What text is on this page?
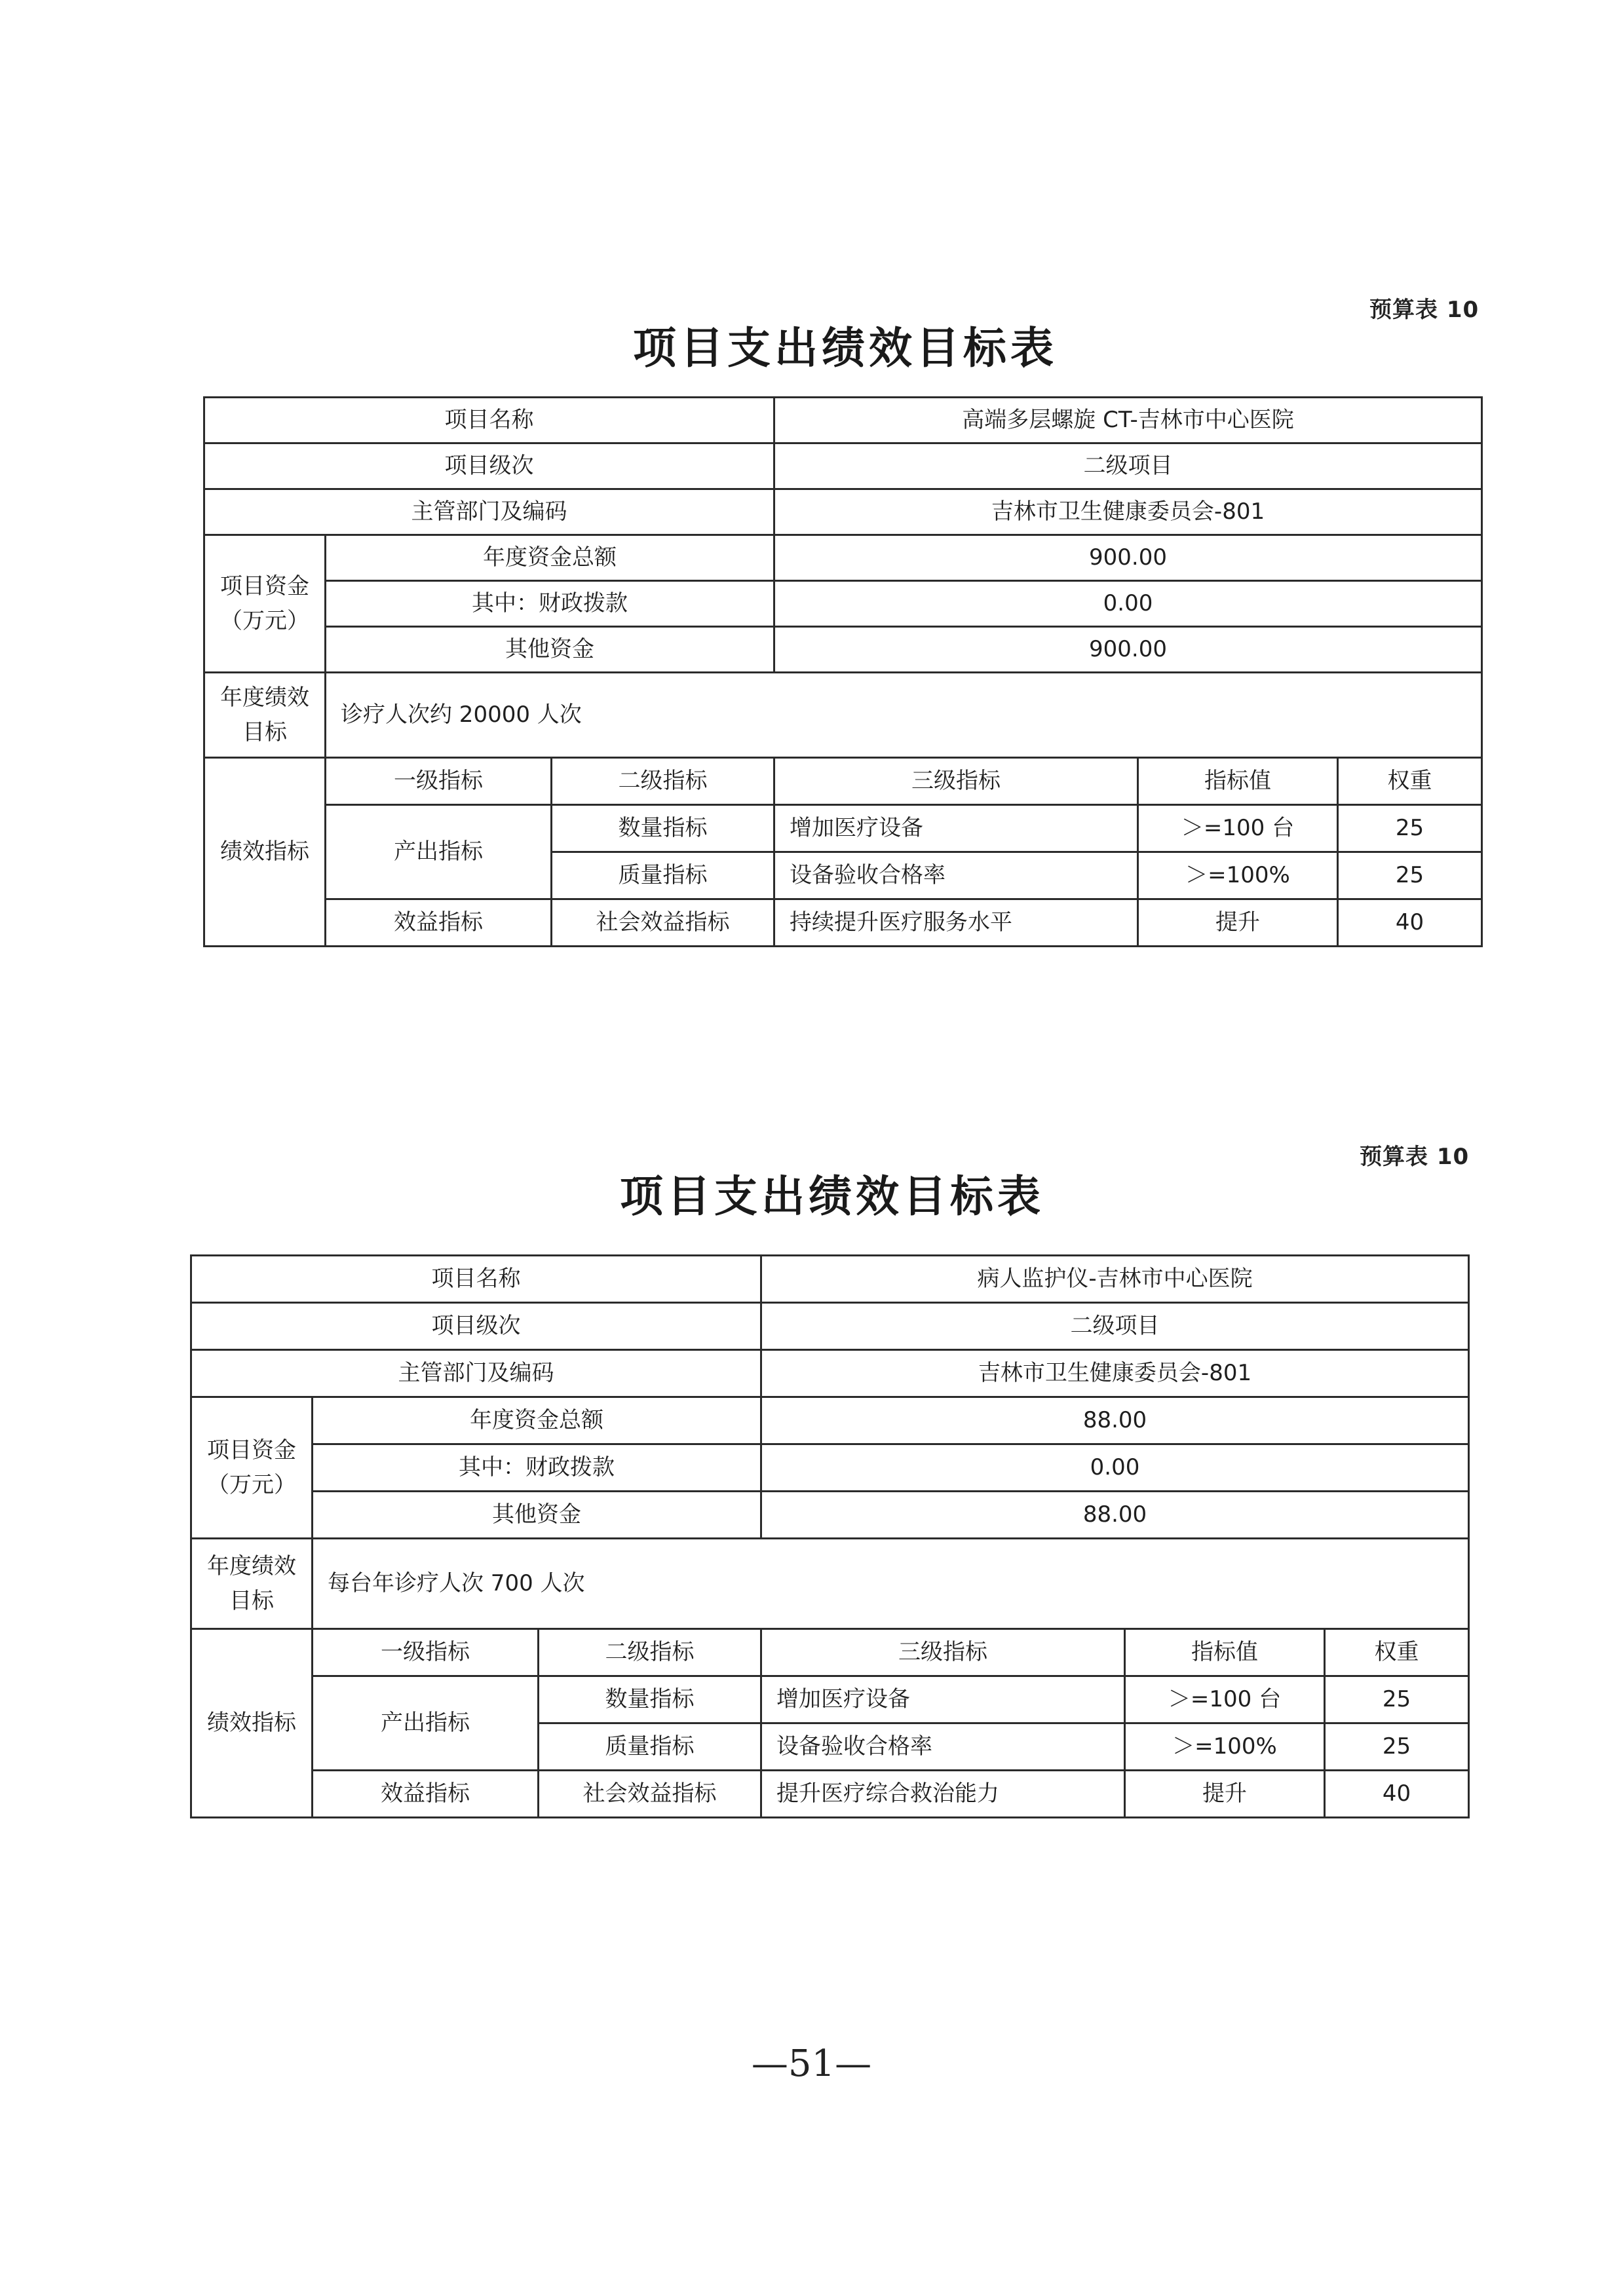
预算表 10
项目支出绩效目标表
项目名称			高端多层螺旋 CT-吉林市中心医院		
项目级次			二级项目		
主管部门及编码			吉林市卫生健康委员会-801		
项目资金（万元）	年度资金总额		900.00		
	其中：财政拨款		0.00		
	其他资金		900.00		
年度绩效目标	诊疗人次约 20000 人次				
绩效指标	一级指标	二级指标	三级指标	指标值	权重
	产出指标	数量指标	增加医疗设备	＞=100 台	25
		质量指标	设备验收合格率	＞=100%	25
	效益指标	社会效益指标	持续提升医疗服务水平	提升	40
预算表 10
项目支出绩效目标表
项目名称			病人监护仪-吉林市中心医院		
项目级次			二级项目		
主管部门及编码			吉林市卫生健康委员会-801		
项目资金（万元）	年度资金总额		88.00		
	其中：财政拨款		0.00		
	其他资金		88.00		
年度绩效目标	每台年诊疗人次 700 人次				
绩效指标	一级指标	二级指标	三级指标	指标值	权重
	产出指标	数量指标	增加医疗设备	＞=100 台	25
		质量指标	设备验收合格率	＞=100%	25
	效益指标	社会效益指标	提升医疗综合救治能力	提升	40
—51—
